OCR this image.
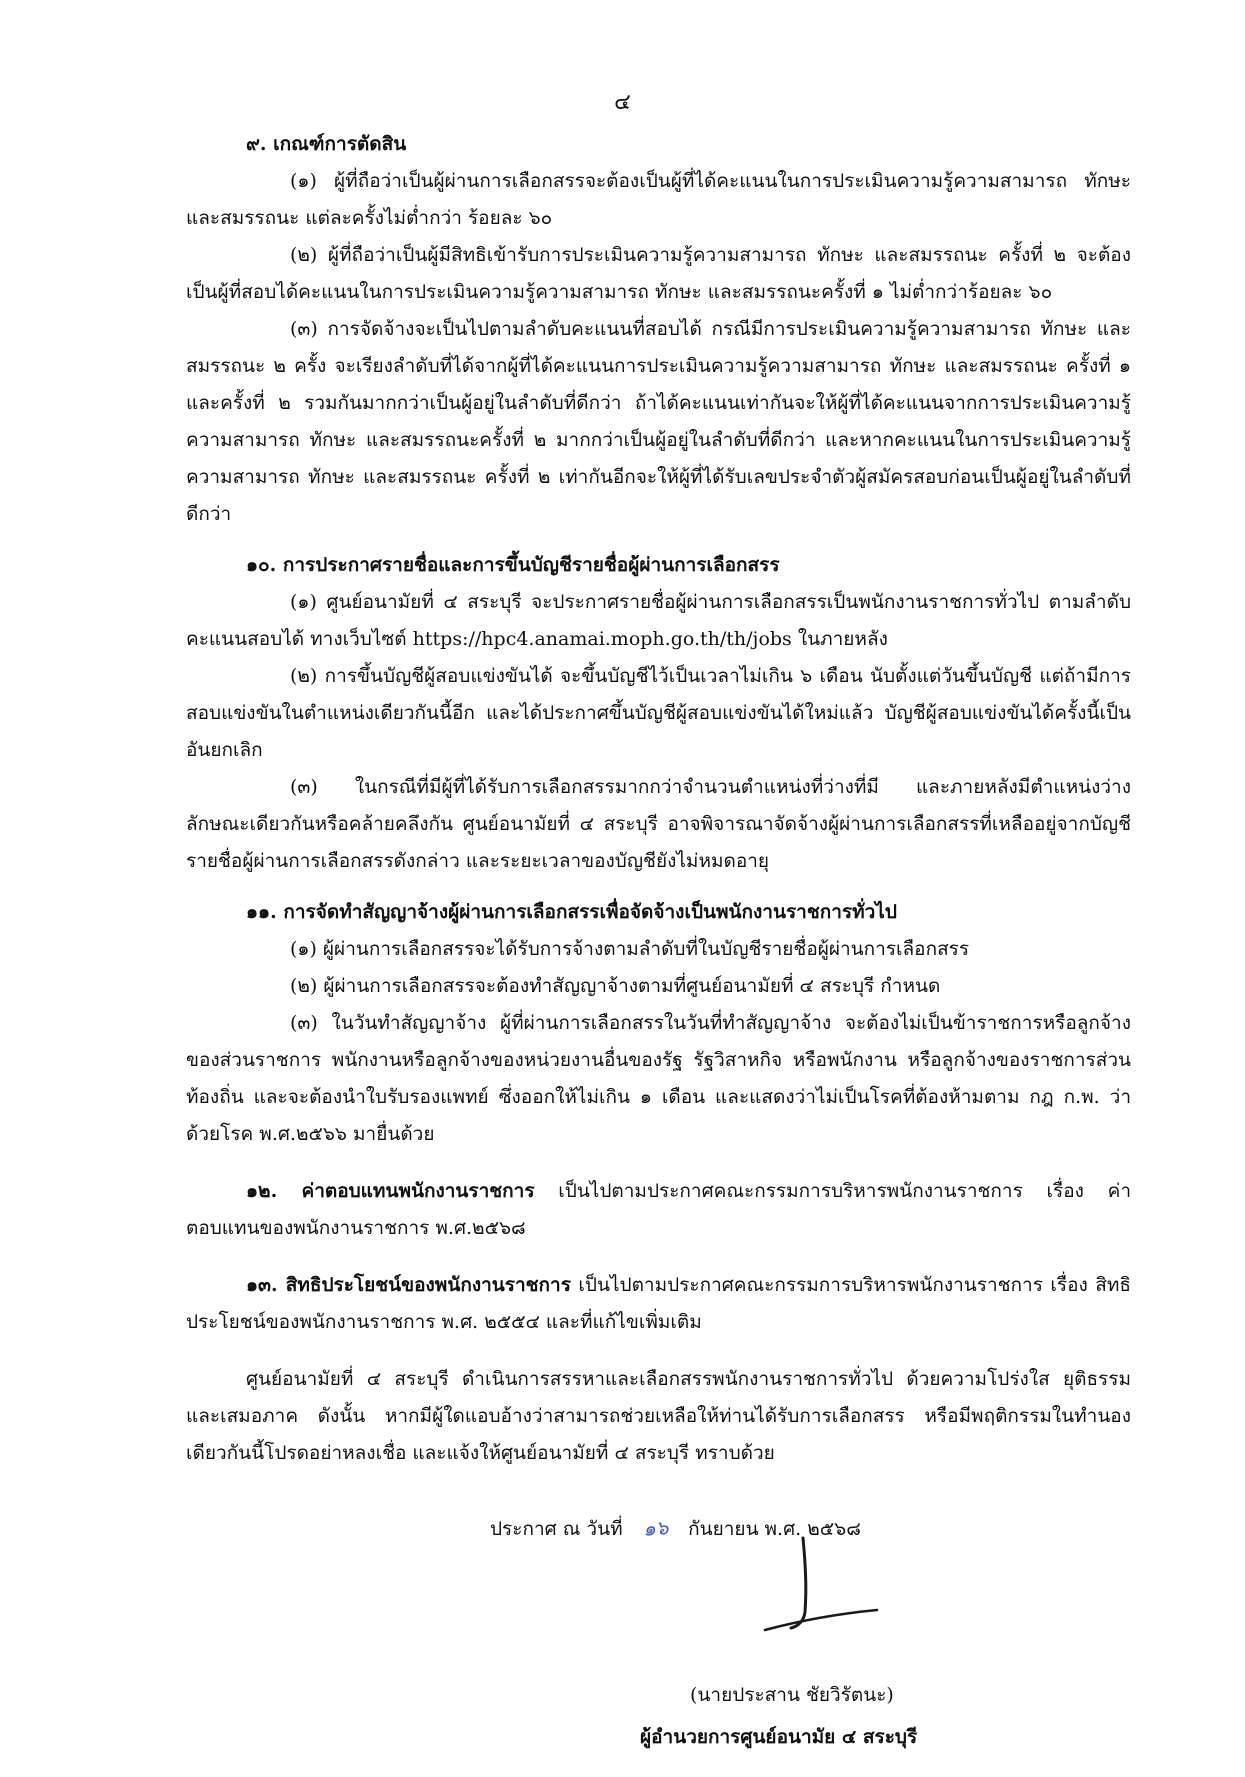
๔

๙. เกณฑ์การตัดสิน

(๑) ผู้ที่ถือว่าเป็นผู้ผ่านการเลือกสรรจะต้องเป็นผู้ที่ได้คะแนนในการประเมินความรู้ความสามารถ ทักษะ และสมรรถนะ แต่ละครั้งไม่ต่ำกว่า ร้อยละ ๖๐

(๒) ผู้ที่ถือว่าเป็นผู้มีสิทธิเข้ารับการประเมินความรู้ความสามารถ ทักษะ และสมรรถนะ ครั้งที่ ๒ จะต้องเป็นผู้ที่สอบได้คะแนนในการประเมินความรู้ความสามารถ ทักษะ และสมรรถนะครั้งที่ ๑ ไม่ต่ำกว่าร้อยละ ๖๐

(๓) การจัดจ้างจะเป็นไปตามลำดับคะแนนที่สอบได้ กรณีมีการประเมินความรู้ความสามารถ ทักษะ และสมรรถนะ ๒ ครั้ง จะเรียงลำดับที่ได้จากผู้ที่ได้คะแนนการประเมินความรู้ความสามารถ ทักษะ และสมรรถนะ ครั้งที่ ๑ และครั้งที่ ๒ รวมกันมากกว่าเป็นผู้อยู่ในลำดับที่ดีกว่า ถ้าได้คะแนนเท่ากันจะให้ผู้ที่ได้คะแนนจากการประเมินความรู้ความสามารถ ทักษะ และสมรรถนะครั้งที่ ๒ มากกว่าเป็นผู้อยู่ในลำดับที่ดีกว่า และหากคะแนนในการประเมินความรู้ความสามารถ ทักษะ และสมรรถนะ ครั้งที่ ๒ เท่ากันอีกจะให้ผู้ที่ได้รับเลขประจำตัวผู้สมัครสอบก่อนเป็นผู้อยู่ในลำดับที่ดีกว่า

๑๐. การประกาศรายชื่อและการขึ้นบัญชีรายชื่อผู้ผ่านการเลือกสรร

(๑) ศูนย์อนามัยที่ ๔ สระบุรี จะประกาศรายชื่อผู้ผ่านการเลือกสรรเป็นพนักงานราชการทั่วไป ตามลำดับคะแนนสอบได้ ทางเว็บไซต์ https://hpc4.anamai.moph.go.th/th/jobs ในภายหลัง

(๒) การขึ้นบัญชีผู้สอบแข่งขันได้ จะขึ้นบัญชีไว้เป็นเวลาไม่เกิน ๖ เดือน นับตั้งแต่วันขึ้นบัญชี แต่ถ้ามีการสอบแข่งขันในตำแหน่งเดียวกันนี้อีก และได้ประกาศขึ้นบัญชีผู้สอบแข่งขันได้ใหม่แล้ว บัญชีผู้สอบแข่งขันได้ครั้งนี้เป็นอันยกเลิก

(๓) ในกรณีที่มีผู้ที่ได้รับการเลือกสรรมากกว่าจำนวนตำแหน่งที่ว่างที่มี และภายหลังมีตำแหน่งว่างลักษณะเดียวกันหรือคล้ายคลึงกัน ศูนย์อนามัยที่ ๔ สระบุรี อาจพิจารณาจัดจ้างผู้ผ่านการเลือกสรรที่เหลืออยู่จากบัญชีรายชื่อผู้ผ่านการเลือกสรรดังกล่าว และระยะเวลาของบัญชียังไม่หมดอายุ

๑๑. การจัดทำสัญญาจ้างผู้ผ่านการเลือกสรรเพื่อจัดจ้างเป็นพนักงานราชการทั่วไป

(๑) ผู้ผ่านการเลือกสรรจะได้รับการจ้างตามลำดับที่ในบัญชีรายชื่อผู้ผ่านการเลือกสรร

(๒) ผู้ผ่านการเลือกสรรจะต้องทำสัญญาจ้างตามที่ศูนย์อนามัยที่ ๔ สระบุรี กำหนด

(๓) ในวันทำสัญญาจ้าง ผู้ที่ผ่านการเลือกสรรในวันที่ทำสัญญาจ้าง จะต้องไม่เป็นข้าราชการหรือลูกจ้างของส่วนราชการ พนักงานหรือลูกจ้างของหน่วยงานอื่นของรัฐ รัฐวิสาหกิจ หรือพนักงาน หรือลูกจ้างของราชการส่วนท้องถิ่น และจะต้องนำใบรับรองแพทย์ ซึ่งออกให้ไม่เกิน ๑ เดือน และแสดงว่าไม่เป็นโรคที่ต้องห้ามตาม กฎ ก.พ. ว่าด้วยโรค พ.ศ.๒๕๖๖ มายื่นด้วย

๑๒. ค่าตอบแทนพนักงานราชการ เป็นไปตามประกาศคณะกรรมการบริหารพนักงานราชการ เรื่อง ค่าตอบแทนของพนักงานราชการ พ.ศ.๒๕๖๘

๑๓. สิทธิประโยชน์ของพนักงานราชการ เป็นไปตามประกาศคณะกรรมการบริหารพนักงานราชการ เรื่อง สิทธิประโยชน์ของพนักงานราชการ พ.ศ. ๒๕๕๔ และที่แก้ไขเพิ่มเติม

ศูนย์อนามัยที่ ๔ สระบุรี ดำเนินการสรรหาและเลือกสรรพนักงานราชการทั่วไป ด้วยความโปร่งใส ยุติธรรม และเสมอภาค ดังนั้น หากมีผู้ใดแอบอ้างว่าสามารถช่วยเหลือให้ท่านได้รับการเลือกสรร หรือมีพฤติกรรมในทำนองเดียวกันนี้โปรดอย่าหลงเชื่อ และแจ้งให้ศูนย์อนามัยที่ ๔ สระบุรี ทราบด้วย

ประกาศ ณ วันที่ ๑๖ กันยายน พ.ศ. ๒๕๖๘
(นายประสาน ชัยวิรัตนะ)
ผู้อำนวยการศูนย์อนามัย ๔ สระบุรี
